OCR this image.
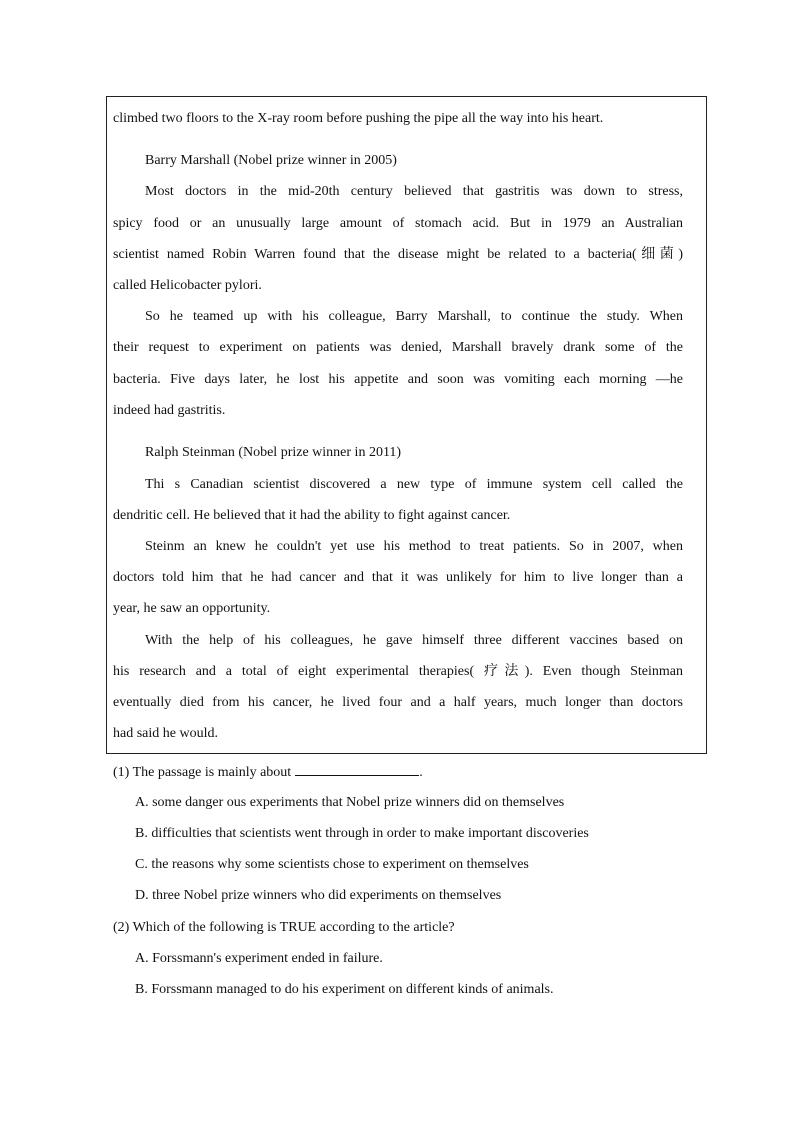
climbed two floors to the X-ray room before pushing the pipe all the way into his heart.
Barry Marshall (Nobel prize winner in 2005)
Most doctors in the mid-20th century believed that gastritis was down to stress,
spicy food or an unusually large amount of stomach acid. But in 1979 an Australian
scientist named Robin Warren found that the disease might be related to a bacteria(细菌)
called Helicobacter pylori.
So he teamed up with his colleague, Barry Marshall, to continue the study. When
their request to experiment on patients was denied, Marshall bravely drank some of the
bacteria. Five days later, he lost his appetite and soon was vomiting each morning —he
indeed had gastritis.
Ralph Steinman (Nobel prize winner in 2011)
Thi s Canadian scientist discovered a new type of immune system cell called the
dendritic cell. He believed that it had the ability to fight against cancer.
Steinm an knew he couldn't yet use his method to treat patients. So in 2007, when
doctors told him that he had cancer and that it was unlikely for him to live longer than a
year, he saw an opportunity.
With the help of his colleagues, he gave himself three different vaccines based on
his research and a total of eight experimental therapies( 疗法). Even though Steinman
eventually died from his cancer, he lived four and a half years, much longer than doctors
had said he would.
(1) The passage is mainly about	.
A. some danger ous experiments that Nobel prize winners did on themselves
B. difficulties that scientists went through in order to make important discoveries
C. the reasons why some scientists chose to experiment on themselves
D. three Nobel prize winners who did experiments on themselves
(2) Which of the following is TRUE according to the article?
A. Forssmann's experiment ended in failure.
B. Forssmann managed to do his experiment on different kinds of animals.
